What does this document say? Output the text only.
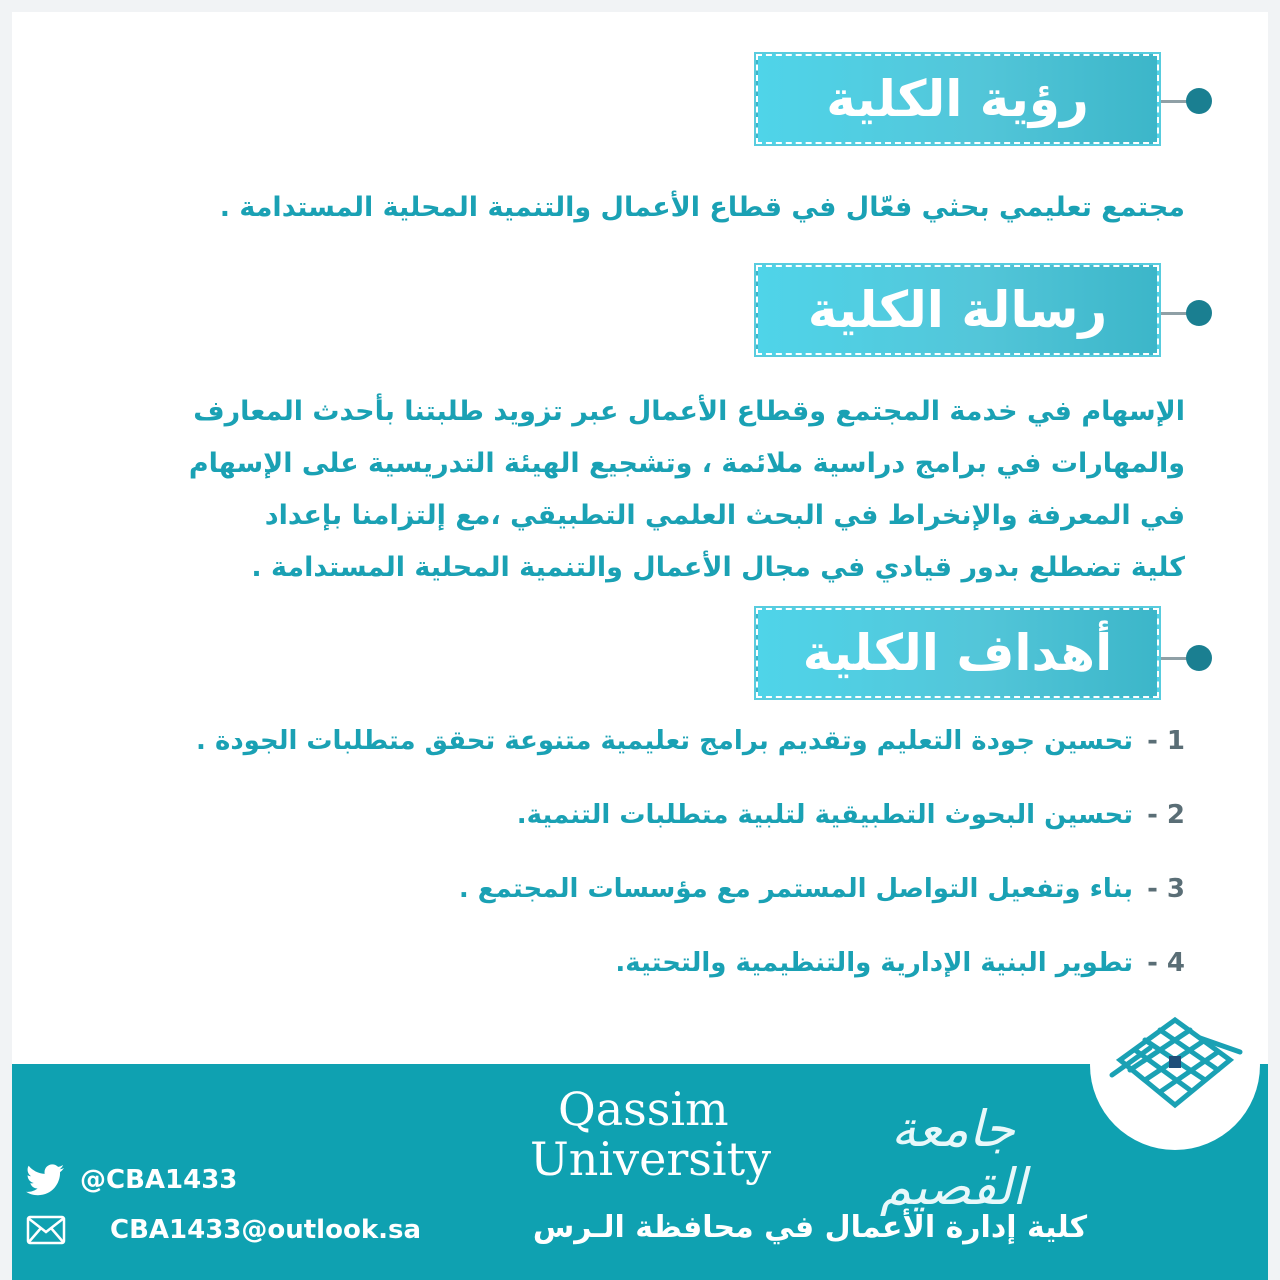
رؤية الكلية
مجتمع تعليمي بحثي فعّال في قطاع الأعمال والتنمية المحلية المستدامة .
رسالة الكلية
الإسهام في خدمة المجتمع وقطاع الأعمال عبر تزويد طلبتنا بأحدث المعارف
والمهارات في برامج دراسية ملائمة ، وتشجيع الهيئة التدريسية على الإسهام
في المعرفة والإنخراط في البحث العلمي التطبيقي ،مع إلتزامنا بإعداد
كلية تضطلع بدور قيادي في مجال الأعمال والتنمية المحلية المستدامة .
أهداف الكلية
1 -تحسين جودة التعليم وتقديم برامج تعليمية متنوعة تحقق متطلبات الجودة .
2 -تحسين البحوث التطبيقية لتلبية متطلبات التنمية.
3 -بناء وتفعيل التواصل المستمر مع مؤسسات المجتمع .
4 -تطوير البنية الإدارية والتنظيمية والتحتية.
Qassim
University
جامعة القصيم
كلية إدارة الأعمال في محافظة الـرس
@CBA1433
CBA1433@outlook.sa
